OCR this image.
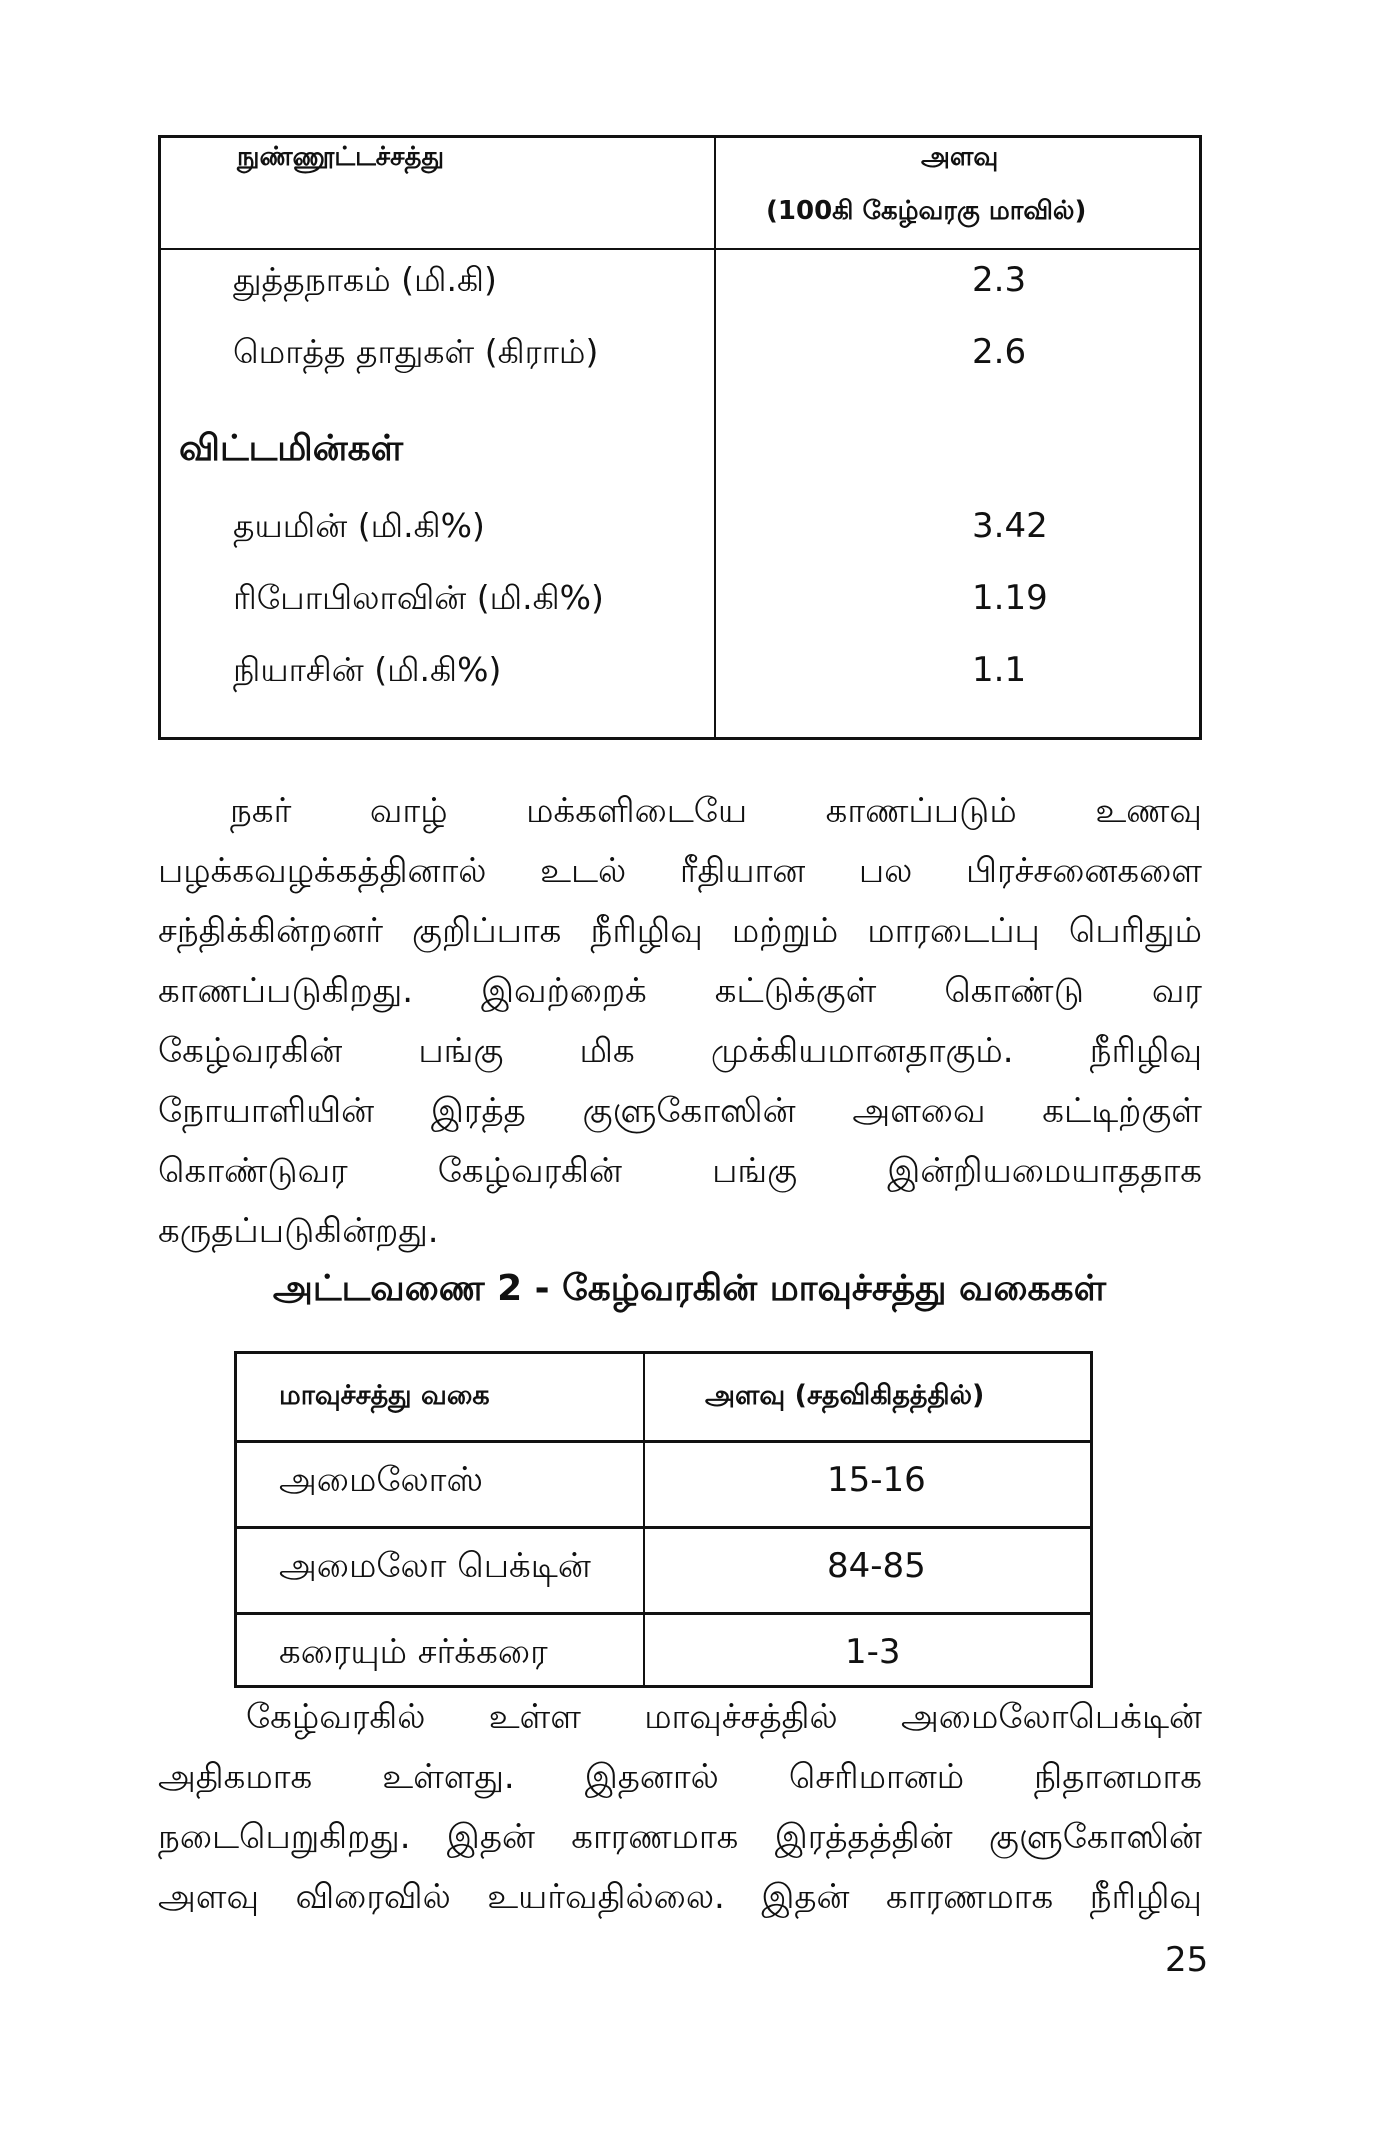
நுண்ணூட்டச்சத்து	அளவு
(100கி கேழ்வரகு மாவில்)
துத்தநாகம் (மி.கி)	2.3
மொத்த தாதுகள் (கிராம்)	2.6
விட்டமின்கள்
தயமின் (மி.கி%)	3.42
ரிபோபிலாவின் (மி.கி%)	1.19
நியாசின் (மி.கி%)	1.1
நகர் வாழ் மக்களிடையே காணப்படும் உணவு
பழக்கவழக்கத்தினால் உடல் ரீதியான பல பிரச்சனைகளை
சந்திக்கின்றனர் குறிப்பாக நீரிழிவு மற்றும் மாரடைப்பு பெரிதும்
காணப்படுகிறது. இவற்றைக் கட்டுக்குள் கொண்டு வர
கேழ்வரகின் பங்கு மிக முக்கியமானதாகும். நீரிழிவு
நோயாளியின் இரத்த குளுகோஸின் அளவை கட்டிற்குள்
கொண்டுவர	கேழ்வரகின்	பங்கு	இன்றியமையாததாக
கருதப்படுகின்றது.
அட்டவணை 2 - கேழ்வரகின் மாவுச்சத்து வகைகள்
மாவுச்சத்து வகை	அளவு (சதவிகிதத்தில்)
அமைலோஸ்	15-16
அமைலோ பெக்டின்	84-85
கரையும் சர்க்கரை	1-3
கேழ்வரகில் உள்ள மாவுச்சத்தில் அமைலோபெக்டின்
அதிகமாக உள்ளது. இதனால் செரிமானம் நிதானமாக
நடைபெறுகிறது. இதன் காரணமாக இரத்தத்தின் குளுகோஸின்
அளவு விரைவில் உயர்வதில்லை. இதன் காரணமாக நீரிழிவு
25
